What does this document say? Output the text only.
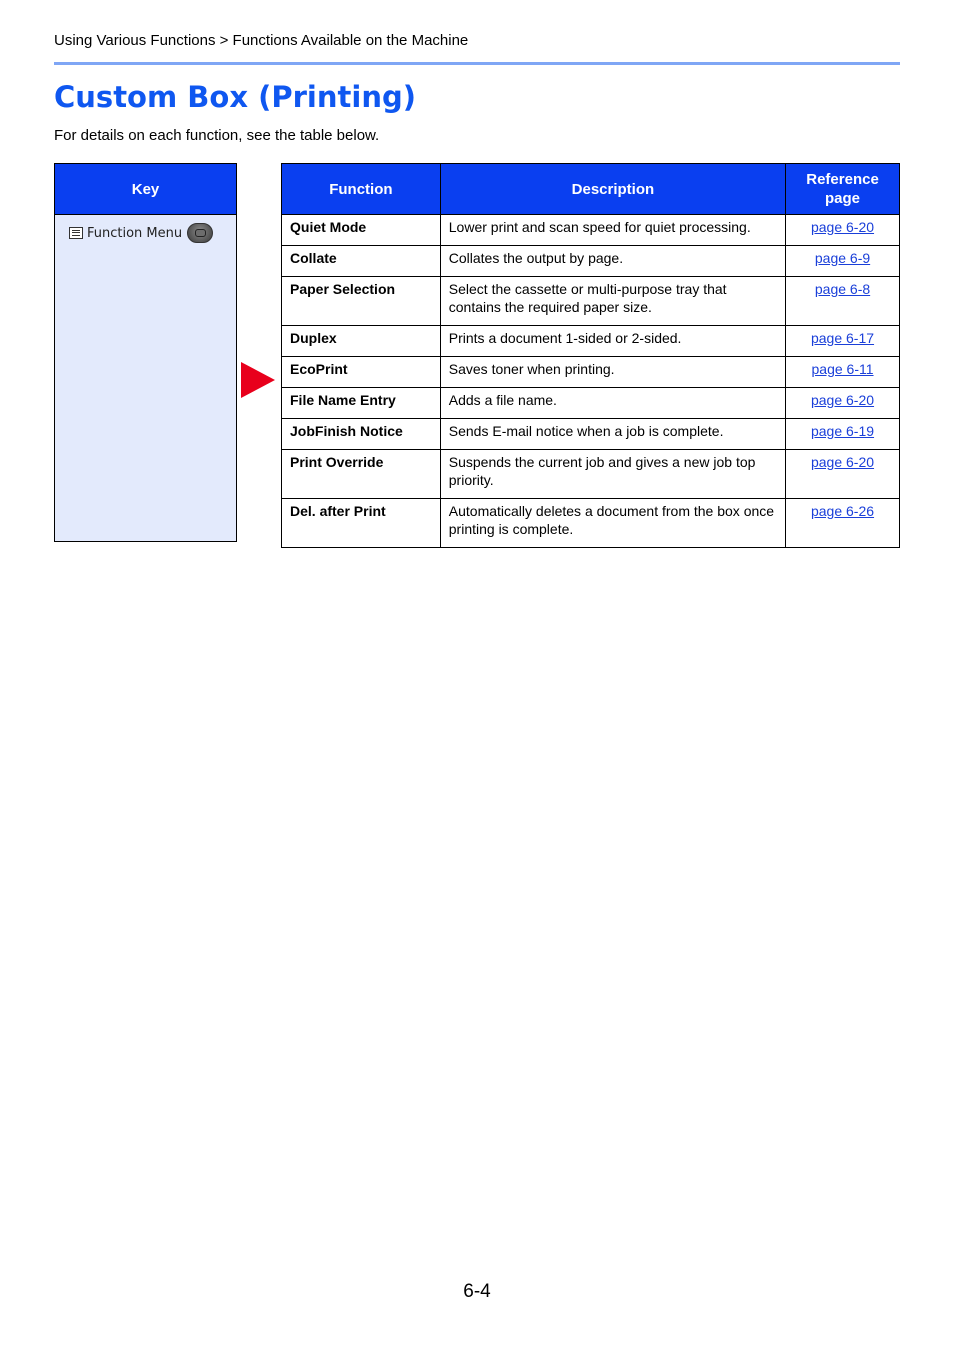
Using Various Functions > Functions Available on the Machine
Custom Box (Printing)
For details on each function, see the table below.
Key
Function Menu
Function	Description	Reference page
Quiet Mode	Lower print and scan speed for quiet processing.	page 6-20
Collate	Collates the output by page.	page 6-9
Paper Selection	Select the cassette or multi-purpose tray that contains the required paper size.	page 6-8
Duplex	Prints a document 1-sided or 2-sided.	page 6-17
EcoPrint	Saves toner when printing.	page 6-11
File Name Entry	Adds a file name.	page 6-20
JobFinish Notice	Sends E-mail notice when a job is complete.	page 6-19
Print Override	Suspends the current job and gives a new job top priority.	page 6-20
Del. after Print	Automatically deletes a document from the box once printing is complete.	page 6-26
6-4
